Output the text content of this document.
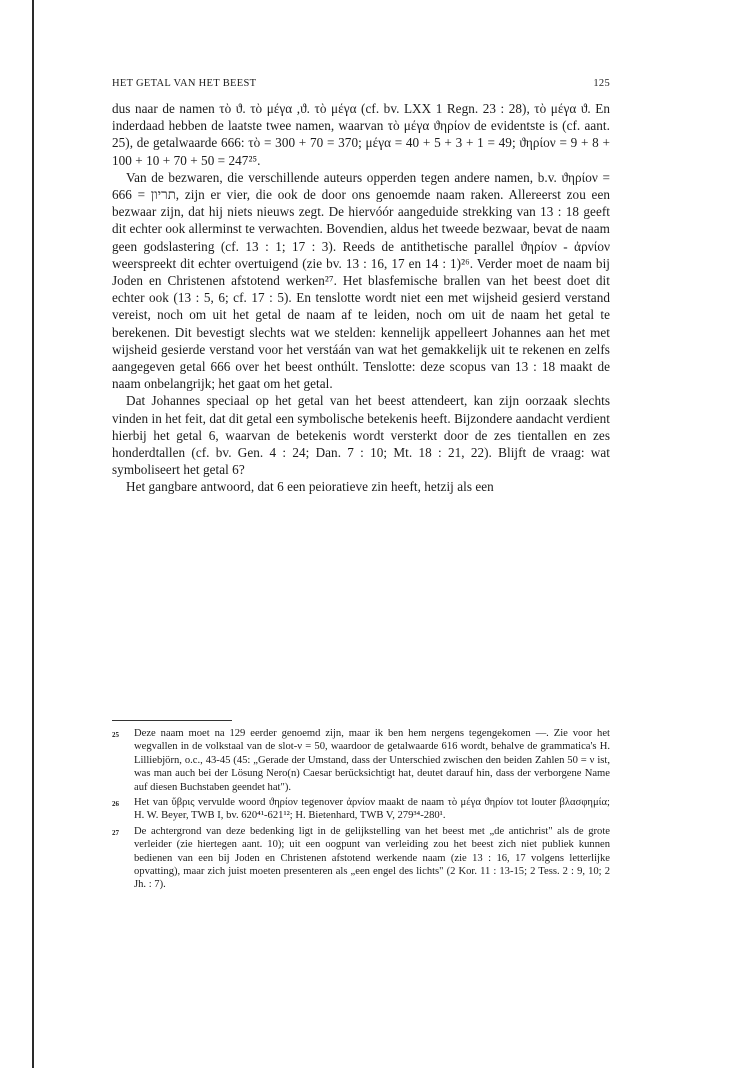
HET GETAL VAN HET BEEST	125

dus naar de namen τὸ ϑ. τὸ μέγα ,ϑ. τὸ μέγα (cf. bv. LXX 1 Regn. 23 : 28), τὸ μέγα ϑ. En inderdaad hebben de laatste twee namen, waarvan τὸ μέγα ϑηρίον de evidentste is (cf. aant. 25), de getalwaarde 666: τὸ = 300 + 70 = 370; μέγα = 40 + 5 + 3 + 1 = 49; ϑηρίον = 9 + 8 + 100 + 10 + 70 + 50 = 247²⁵.

Van de bezwaren, die verschillende auteurs opperden tegen andere namen, b.v. ϑηρίον = תריון = 666, zijn er vier, die ook de door ons genoemde naam raken. Allereerst zou een bezwaar zijn, dat hij niets nieuws zegt. De hiervóór aangeduide strekking van 13 : 18 geeft dit echter ook allerminst te verwachten. Bovendien, aldus het tweede bezwaar, bevat de naam geen godslastering (cf. 13 : 1; 17 : 3). Reeds de antithetische parallel ϑηρίον - ἀρνίον weerspreekt dit echter overtuigend (zie bv. 13 : 16, 17 en 14 : 1)²⁶. Verder moet de naam bij Joden en Christenen afstotend werken²⁷. Het blasfemische brallen van het beest doet dit echter ook (13 : 5, 6; cf. 17 : 5). En tenslotte wordt niet een met wijsheid gesierd verstand vereist, noch om uit het getal de naam af te leiden, noch om uit de naam het getal te berekenen. Dit bevestigt slechts wat we stelden: kennelijk appelleert Johannes aan het met wijsheid gesierde verstand voor het verstáán van wat het gemakkelijk uit te rekenen en zelfs aangegeven getal 666 over het beest onthúlt. Tenslotte: deze scopus van 13 : 18 maakt de naam onbelangrijk; het gaat om het getal.

Dat Johannes speciaal op het getal van het beest attendeert, kan zijn oorzaak slechts vinden in het feit, dat dit getal een symbolische betekenis heeft. Bijzondere aandacht verdient hierbij het getal 6, waarvan de betekenis wordt versterkt door de zes tientallen en zes honderdtallen (cf. bv. Gen. 4 : 24; Dan. 7 : 10; Mt. 18 : 21, 22). Blijft de vraag: wat symboliseert het getal 6?

Het gangbare antwoord, dat 6 een peioratieve zin heeft, hetzij als een

25	Deze naam moet na 129 eerder genoemd zijn, maar ik ben hem nergens tegengekomen —. Zie voor het wegvallen in de volkstaal van de slot-ν = 50, waardoor de getalwaarde 616 wordt, behalve de grammatica's H. Lilliebjörn, o.c., 43-45 (45: „Gerade der Umstand, dass der Unterschied zwischen den beiden Zahlen 50 = ν ist, was man auch bei der Lösung Nero(n) Caesar berücksichtigt hat, deutet darauf hin, dass der verborgene Name auf diesen Buchstaben geendet hat").
26	Het van ὕβρις vervulde woord ϑηρίον tegenover ἀρνίον maakt de naam τὸ μέγα ϑηρίον tot louter βλασφημία; H. W. Beyer, TWB I, bv. 620⁴¹-621¹²; H. Bietenhard, TWB V, 279³⁴-280¹.
27	De achtergrond van deze bedenking ligt in de gelijkstelling van het beest met „de antichrist" als de grote verleider (zie hiertegen aant. 10); uit een oogpunt van verleiding zou het beest zich niet publiek kunnen bedienen van een bij Joden en Christenen afstotend werkende naam (zie 13 : 16, 17 volgens letterlijke opvatting), maar zich juist moeten presenteren als „een engel des lichts" (2 Kor. 11 : 13-15; 2 Tess. 2 : 9, 10; 2 Jh. : 7).
